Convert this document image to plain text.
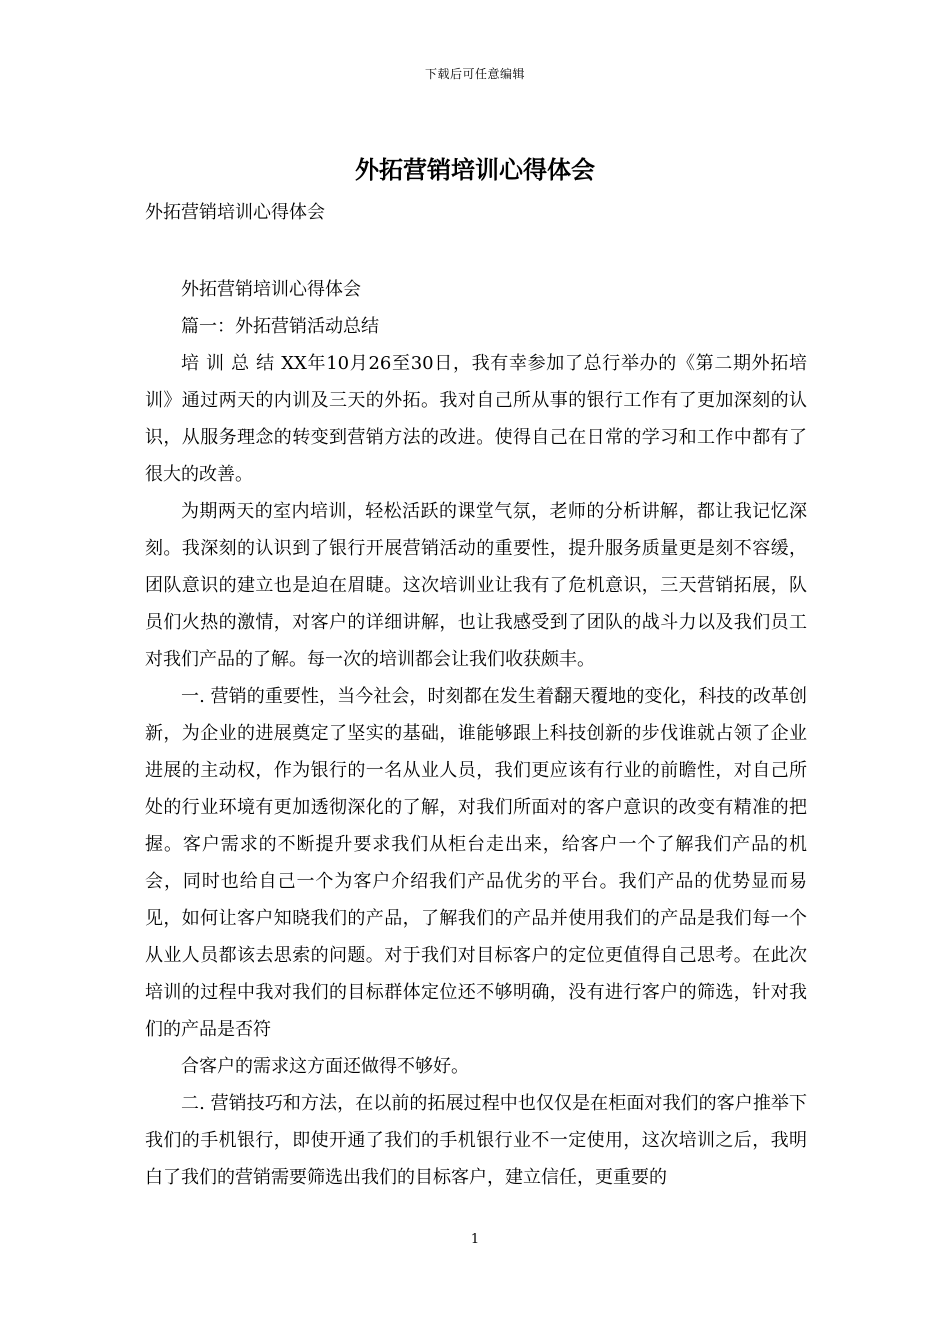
下载后可任意编辑
外拓营销培训心得体会
外拓营销培训心得体会

外拓营销培训心得体会

篇一：外拓营销活动总结

培 训 总 结 XX年10月26至30日，我有幸参加了总行举办的《第二期外拓培训》通过两天的内训及三天的外拓。我对自己所从事的银行工作有了更加深刻的认识，从服务理念的转变到营销方法的改进。使得自己在日常的学习和工作中都有了很大的改善。

为期两天的室内培训，轻松活跃的课堂气氛，老师的分析讲解，都让我记忆深刻。我深刻的认识到了银行开展营销活动的重要性，提升服务质量更是刻不容缓，团队意识的建立也是迫在眉睫。这次培训业让我有了危机意识，三天营销拓展，队员们火热的激情，对客户的详细讲解，也让我感受到了团队的战斗力以及我们员工对我们产品的了解。每一次的培训都会让我们收获颇丰。

一. 营销的重要性，当今社会，时刻都在发生着翻天覆地的变化，科技的改革创新，为企业的进展奠定了坚实的基础，谁能够跟上科技创新的步伐谁就占领了企业进展的主动权，作为银行的一名从业人员，我们更应该有行业的前瞻性，对自己所处的行业环境有更加透彻深化的了解，对我们所面对的客户意识的改变有精准的把握。客户需求的不断提升要求我们从柜台走出来，给客户一个了解我们产品的机会，同时也给自己一个为客户介绍我们产品优劣的平台。我们产品的优势显而易见，如何让客户知晓我们的产品，了解我们的产品并使用我们的产品是我们每一个从业人员都该去思索的问题。对于我们对目标客户的定位更值得自己思考。在此次培训的过程中我对我们的目标群体定位还不够明确，没有进行客户的筛选，针对我们的产品是否符

合客户的需求这方面还做得不够好。

二. 营销技巧和方法，在以前的拓展过程中也仅仅是在柜面对我们的客户推举下我们的手机银行，即使开通了我们的手机银行业不一定使用，这次培训之后，我明白了我们的营销需要筛选出我们的目标客户，建立信任，更重要的

1
